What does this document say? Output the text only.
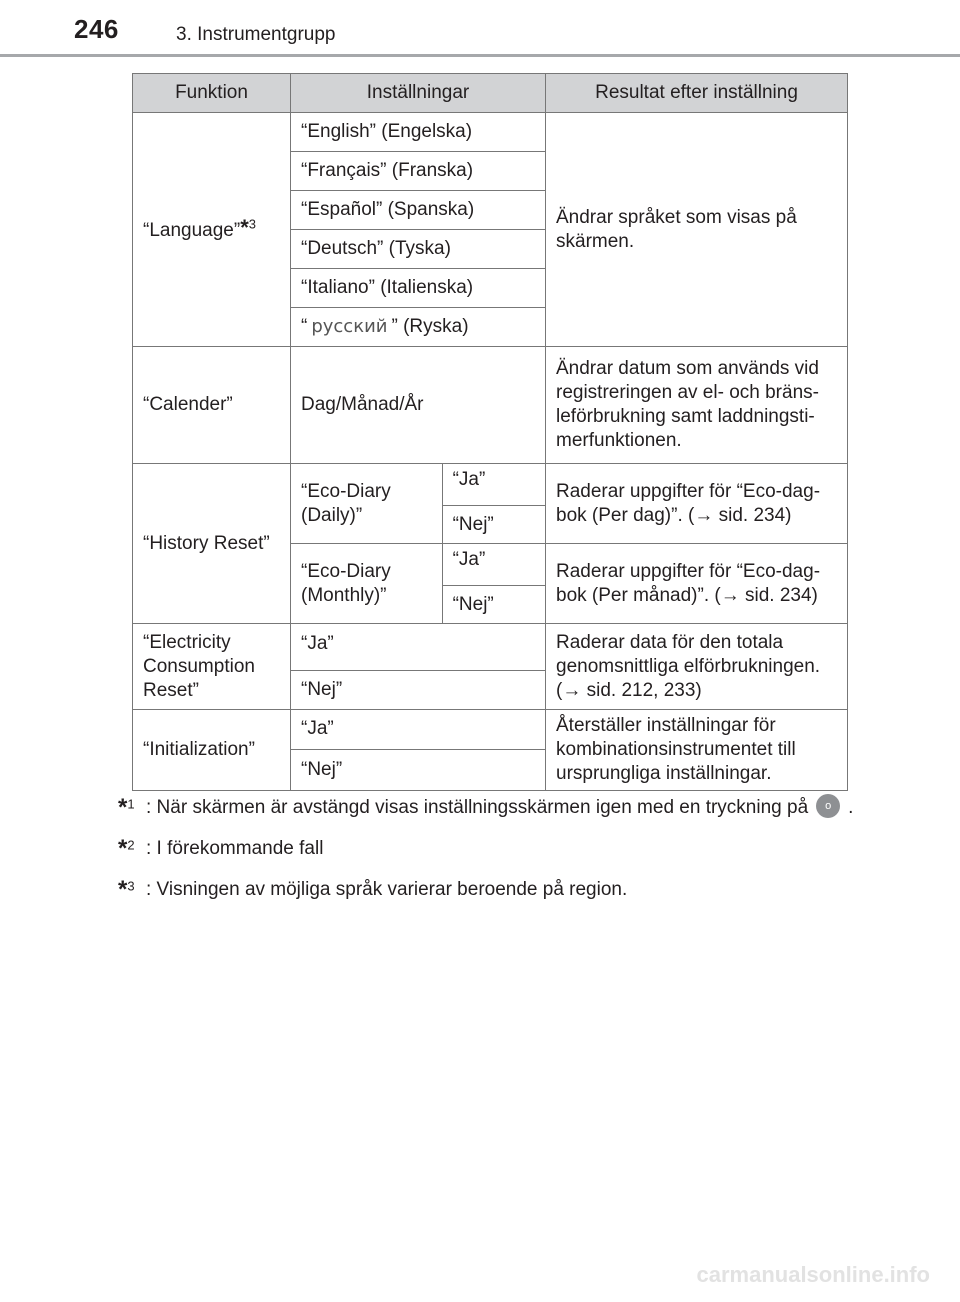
246	3. Instrumentgrupp
Funktion	Inställningar		Resultat efter inställning
“Language”*$^3$	“English” (Engelska)		Ändrar språket som visas på skärmen.
	“Français” (Franska)		
	“Español” (Spanska)		
	“Deutsch” (Tyska)		
	“Italiano” (Italienska)		
	“ русский ” (Ryska)		
“Calender”	Dag/Månad/År		Ändrar datum som används vid registreringen av el- och bräns-leförbrukning samt laddningsti-merfunktionen.
“History Reset”	“Eco-Diary (Daily)”	“Ja”	Raderar uppgifter för “Eco-dag-bok (Per dag)”. (→ sid. 234)
		“Nej”	
	“Eco-Diary (Monthly)”	“Ja”	Raderar uppgifter för “Eco-dag-bok (Per månad)”. (→ sid. 234)
		“Nej”	
“Electricity Consumption Reset”	“Ja”		Raderar data för den totala genomsnittliga elförbrukningen. (→ sid. 212, 233)
	“Nej”		
“Initialization”	“Ja”		Återställer inställningar för kombinationsinstrumentet till ursprungliga inställningar.
	“Nej”		
*$^1$ : När skärmen är avstängd visas inställningsskärmen igen med en tryckning på o .
*$^2$ : I förekommande fall
*$^3$ : Visningen av möjliga språk varierar beroende på region.
carmanualsonline.info
